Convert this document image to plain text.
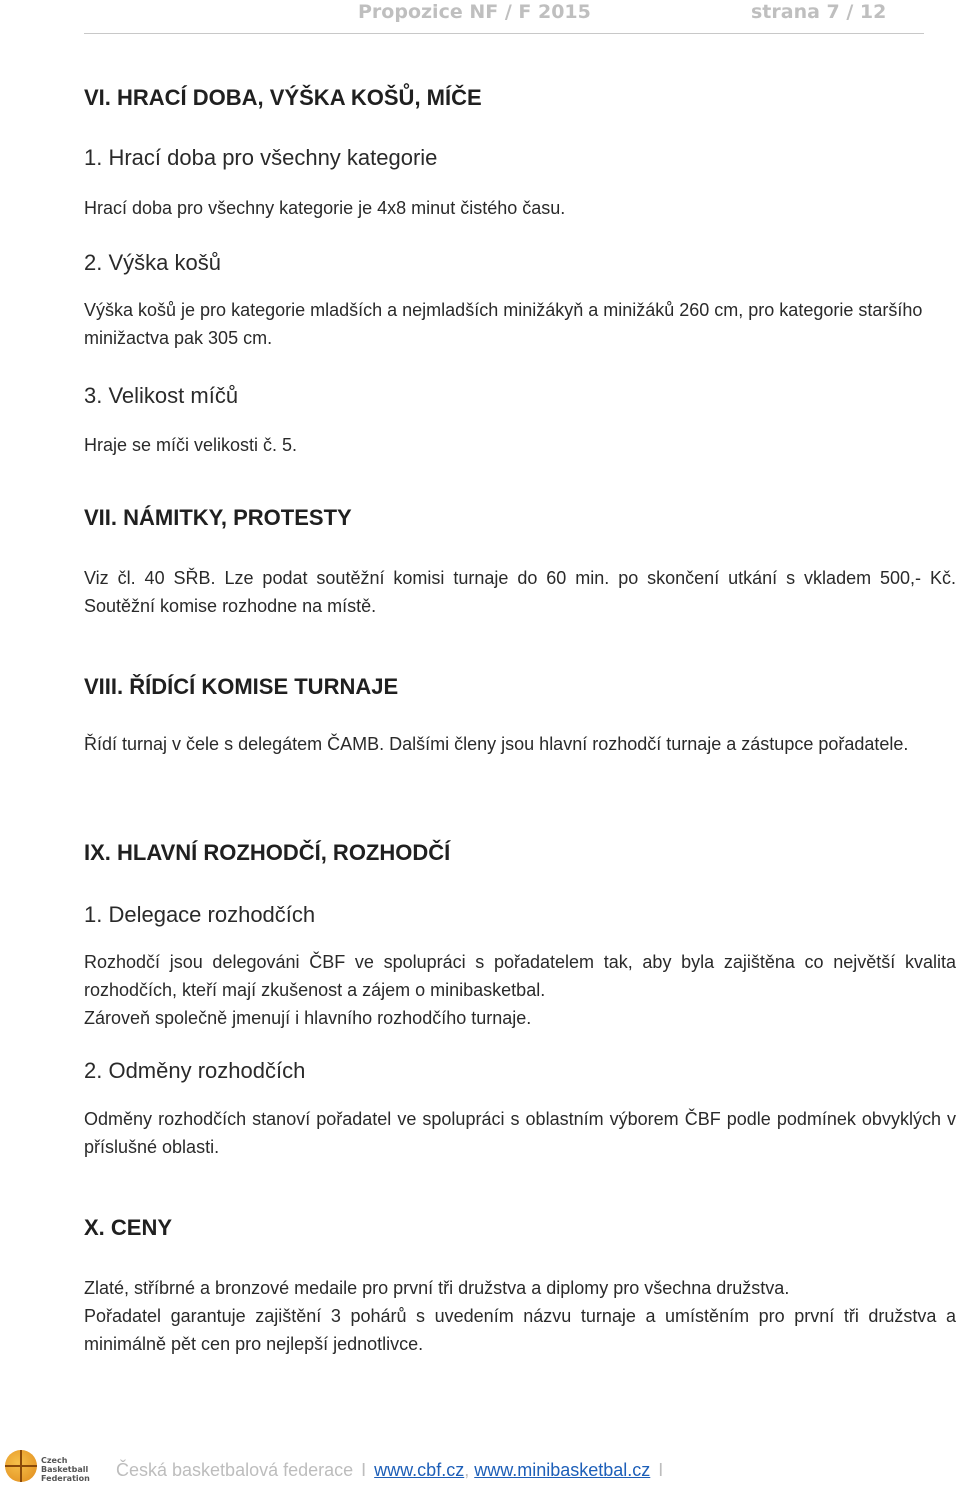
Propozice NF / F 2015	strana 7 / 12
VI. HRACÍ DOBA, VÝŠKA KOŠŮ, MÍČE
1. Hrací doba pro všechny kategorie
Hrací doba pro všechny kategorie je 4x8 minut čistého času.
2. Výška košů
Výška košů je pro kategorie mladších a nejmladších minižákyň a minižáků 260 cm, pro kategorie staršího minižactva pak 305 cm.
3. Velikost míčů
Hraje se míči velikosti č. 5.
VII. NÁMITKY, PROTESTY
Viz čl. 40 SŘB. Lze podat soutěžní komisi turnaje do 60 min. po skončení utkání s vkladem 500,- Kč. Soutěžní komise rozhodne na místě.
VIII. ŘÍDÍCÍ KOMISE TURNAJE
Řídí turnaj v čele s delegátem ČAMB. Dalšími členy jsou hlavní rozhodčí turnaje a zástupce pořadatele.
IX. HLAVNÍ ROZHODČÍ, ROZHODČÍ
1. Delegace rozhodčích
Rozhodčí jsou delegováni ČBF ve spolupráci s pořadatelem tak, aby byla zajištěna co největší kvalita rozhodčích, kteří mají zkušenost a zájem o minibasketbal.
Zároveň společně jmenují i hlavního rozhodčího turnaje.
2. Odměny rozhodčích
Odměny rozhodčích stanoví pořadatel ve spolupráci s oblastním výborem ČBF podle podmínek obvyklých v příslušné oblasti.
X. CENY
Zlaté, stříbrné a bronzové medaile pro první tři družstva a diplomy pro všechna družstva.
Pořadatel garantuje zajištění 3 pohárů s uvedením názvu turnaje a umístěním pro první tři družstva a minimálně pět cen pro nejlepší jednotlivce.
Czech Basketball Federation	Česká basketbalová federace I www.cbf.cz, www.minibasketbal.cz I
